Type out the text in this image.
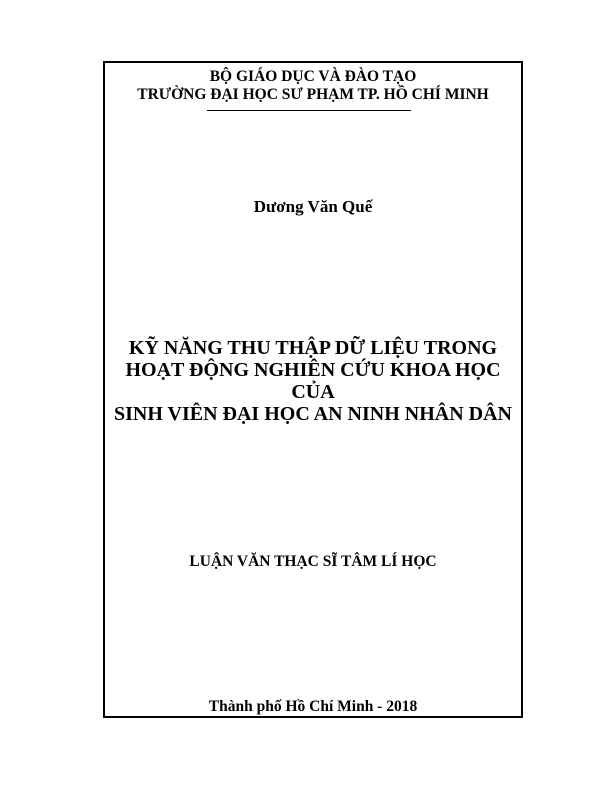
BỘ GIÁO DỤC VÀ ĐÀO TẠO

TRƯỜNG ĐẠI HỌC SƯ PHẠM TP. HỒ CHÍ MINH

Dương Văn Quế

KỸ NĂNG THU THẬP DỮ LIỆU TRONG
HOẠT ĐỘNG NGHIÊN CỨU KHOA HỌC CỦA
SINH VIÊN ĐẠI HỌC AN NINH NHÂN DÂN

LUẬN VĂN THẠC SĨ TÂM LÍ HỌC

Thành phố Hồ Chí Minh - 2018
